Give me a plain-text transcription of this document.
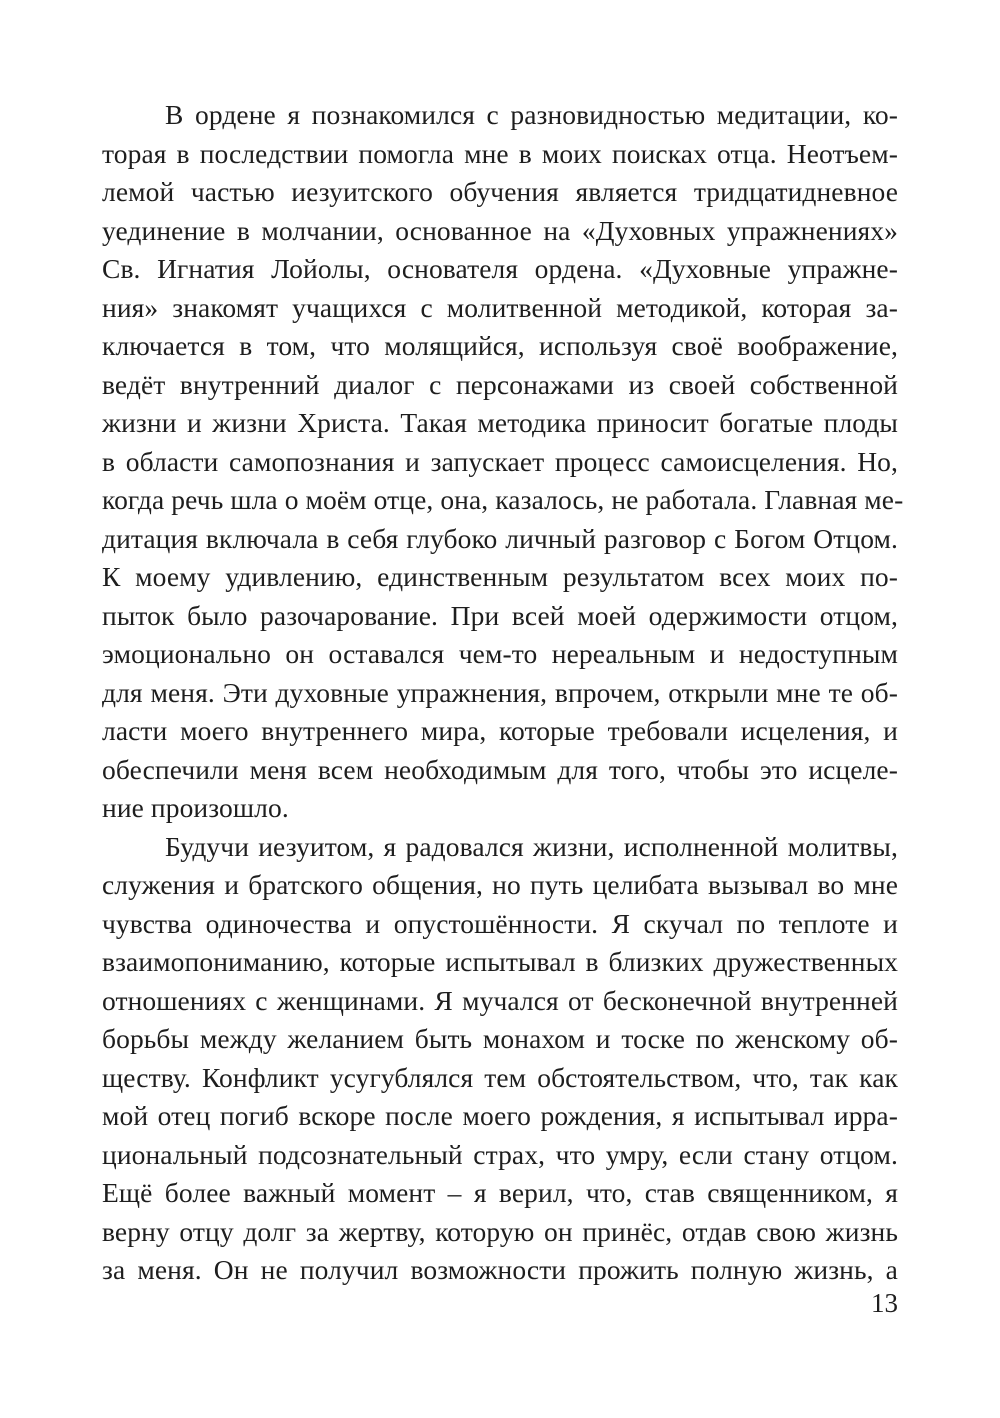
В ордене я познакомился с разновидностью медитации, ко-
торая в последствии помогла мне в моих поисках отца. Неотъем-
лемой частью иезуитского обучения является тридцатидневное
уединение в молчании, основанное на «Духовных упражнениях»
Св. Игнатия Лойолы, основателя ордена. «Духовные упражне-
ния» знакомят учащихся с молитвенной методикой, которая за-
ключается в том, что молящийся, используя своё воображение,
ведёт внутренний диалог с персонажами из своей собственной
жизни и жизни Христа. Такая методика приносит богатые плоды
в области самопознания и запускает процесс самоисцеления. Но,
когда речь шла о моём отце, она, казалось, не работала. Главная ме-
дитация включала в себя глубоко личный разговор с Богом Отцом.
К моему удивлению, единственным результатом всех моих по-
пыток было разочарование. При всей моей одержимости отцом,
эмоционально он оставался чем-то нереальным и недоступным
для меня. Эти духовные упражнения, впрочем, открыли мне те об-
ласти моего внутреннего мира, которые требовали исцеления, и
обеспечили меня всем необходимым для того, чтобы это исцеле-
ние произошло.
Будучи иезуитом, я радовался жизни, исполненной молитвы,
служения и братского общения, но путь целибата вызывал во мне
чувства одиночества и опустошённости. Я скучал по теплоте и
взаимопониманию, которые испытывал в близких дружественных
отношениях с женщинами. Я мучался от бесконечной внутренней
борьбы между желанием быть монахом и тоске по женскому об-
ществу. Конфликт усугублялся тем обстоятельством, что, так как
мой отец погиб вскоре после моего рождения, я испытывал ирра-
циональный подсознательный страх, что умру, если стану отцом.
Ещё более важный момент – я верил, что, став священником, я
верну отцу долг за жертву, которую он принёс, отдав свою жизнь
за меня. Он не получил возможности прожить полную жизнь, а
13
